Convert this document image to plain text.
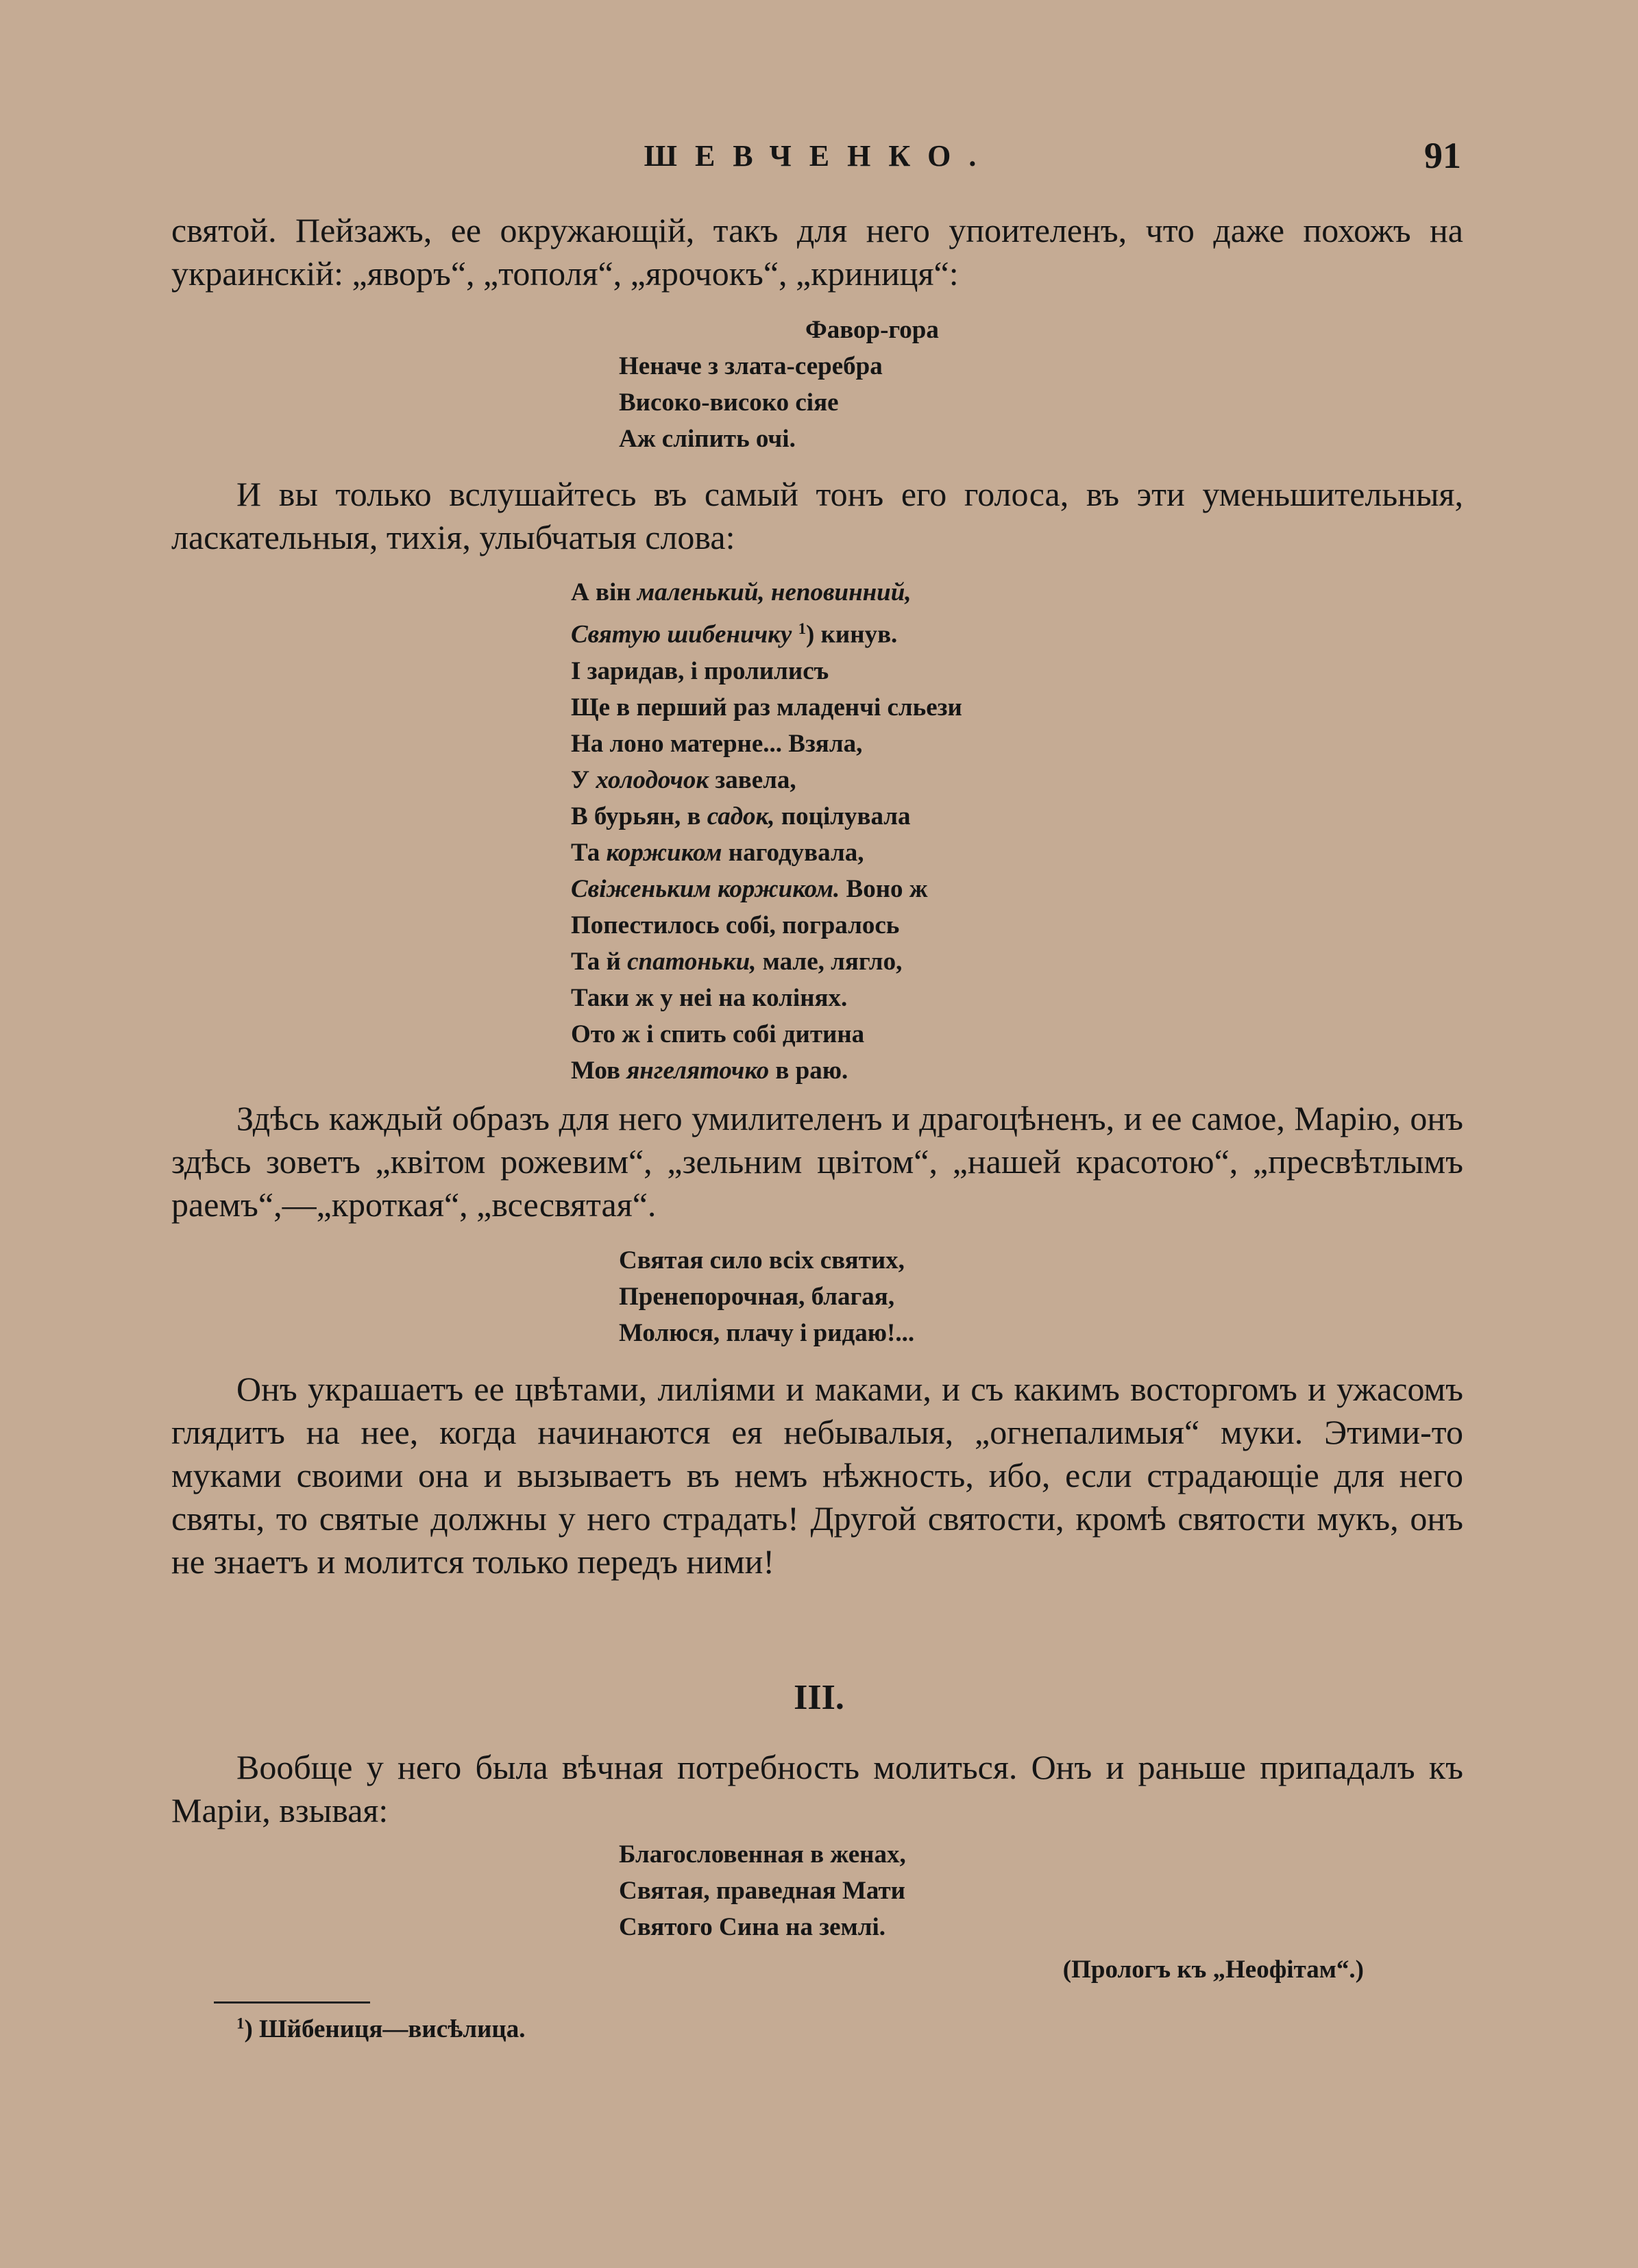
ШЕВЧЕНКО.	91

святой. Пейзажъ, ее окружающій, такъ для него упоителенъ, что даже похожъ на украинскій: „яворъ“, „тополя“, „ярочокъ“, „криниця“:

Фавор-гора
Неначе з злата-серебра
Високо-високо сіяе
Аж сліпить очі.

И вы только вслушайтесь въ самый тонъ его голоса, въ эти уменьшительныя, ласкательныя, тихія, улыбчатыя слова:

А він маленький, неповинний,
Святую шибеничку $^1$) кинув.
І заридав, і пролилисъ
Ще в перший раз младенчі сльези
На лоно матерне... Взяла,
У холодочок завела,
В бурьян, в садок, поцілувала
Та коржиком нагодувала,
Свіженьким коржиком. Воно ж
Попестилось собі, погралось
Та й спатоньки, мале, лягло,
Таки ж у неі на колінях.
Ото ж і спить собі дитина
Мов янгеляточко в раю.

Здѣсь каждый образъ для него умилителенъ и драгоцѣненъ, и ее самое, Марію, онъ здѣсь зоветъ „квітом рожевим“, „зельним цвітом“, „нашей красотою“, „пресвѣтлымъ раемъ“,—„кроткая“, „всесвятая“.

Святая сило всіх святих,
Пренепорочная, благая,
Молюся, плачу і ридаю!...

Онъ украшаетъ ее цвѣтами, лиліями и маками, и съ какимъ восторгомъ и ужасомъ глядитъ на нее, когда начинаются ея небывалыя, „огнепалимыя“ муки. Этими-то муками своими она и вызываетъ въ немъ нѣжность, ибо, если страдающіе для него святы, то святые должны у него страдать! Другой святости, кромѣ святости мукъ, онъ не знаетъ и молится только передъ ними!

III.

Вообще у него была вѣчная потребность молиться. Онъ и раньше припадалъ къ Маріи, взывая:

Благословенная в женах,
Святая, праведная Мати
Святого Сина на землі.
(Прологъ къ „Неофітам“.)
$^1$) Шйбениця—висѣлица.
